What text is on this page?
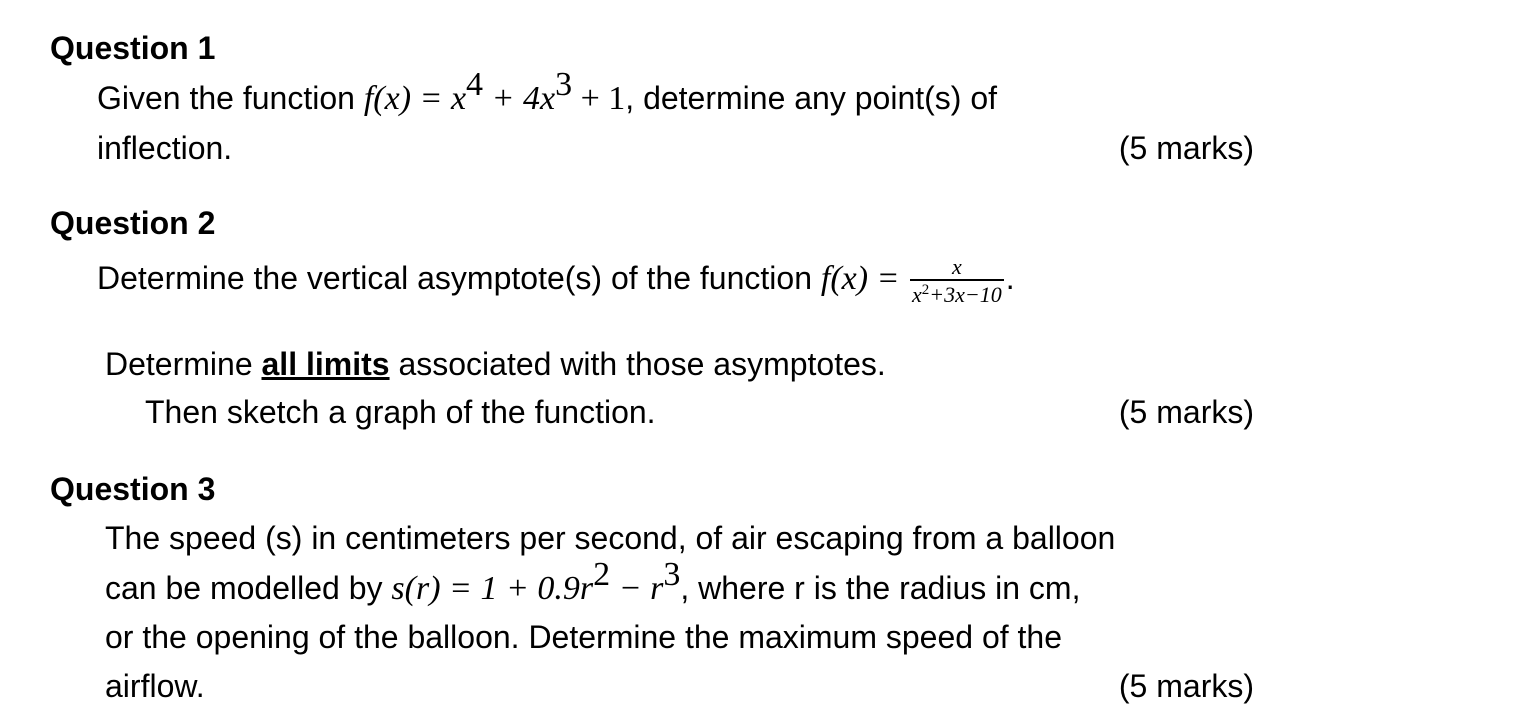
Question 1
Given the function $f(x) = x^4 + 4x^3 + 1$, determine any point(s) of
inflection.	(5 marks)
Question 2
Determine the vertical asymptote(s) of the function $f(x) = \frac{x}{x^2+3x-10}$ .
Determine all limits associated with those asymptotes.
Then sketch a graph of the function.	(5 marks)
Question 3
The speed (s) in centimeters per second, of air escaping from a balloon
can be modelled by $s(r) = 1 + 0.9r^2 - r^3$, where r is the radius in cm,
or the opening of the balloon. Determine the maximum speed of the
airflow.	(5 marks)
